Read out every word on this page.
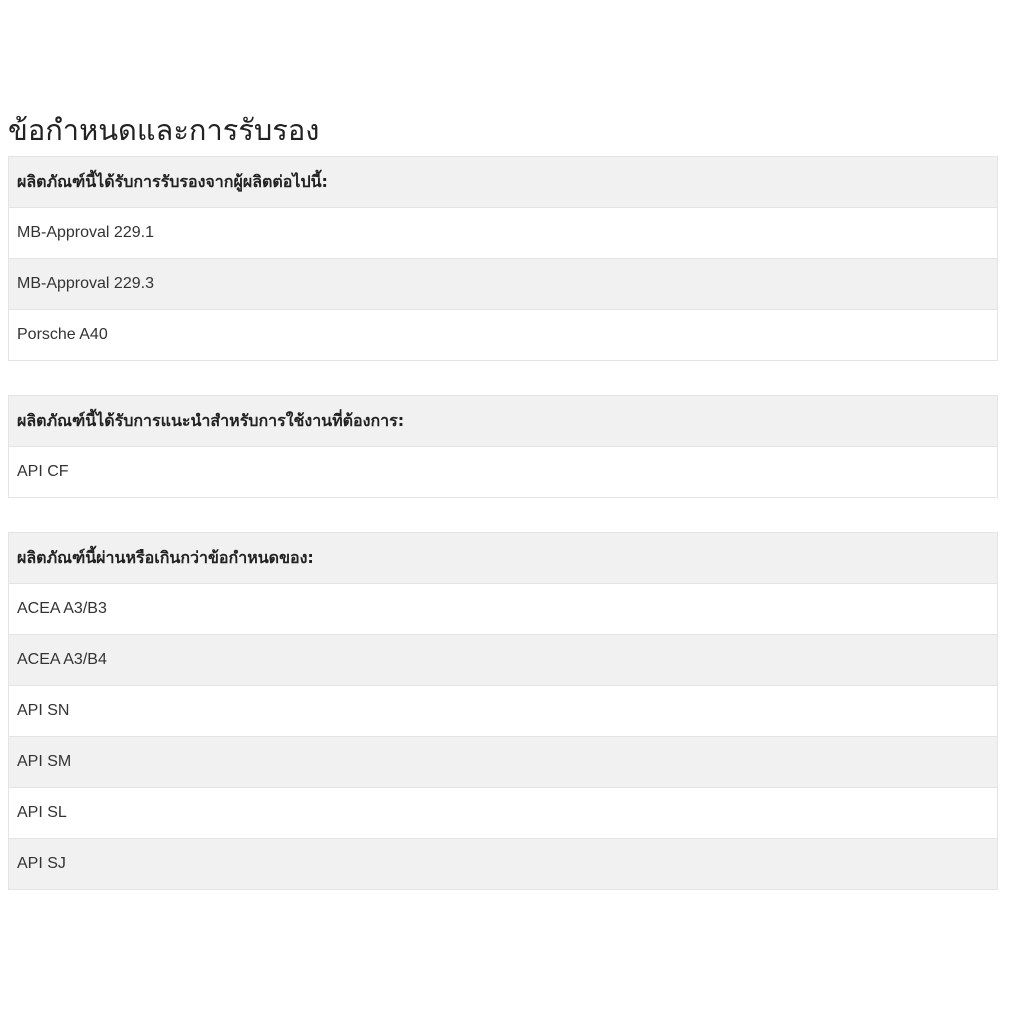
ข้อกำหนดและการรับรอง
ผลิตภัณฑ์นี้ได้รับการรับรองจากผู้ผลิตต่อไปนี้:
MB-Approval 229.1
MB-Approval 229.3
Porsche A40
ผลิตภัณฑ์นี้ได้รับการแนะนำสำหรับการใช้งานที่ต้องการ:
API CF
ผลิตภัณฑ์นี้ผ่านหรือเกินกว่าข้อกำหนดของ:
ACEA A3/B3
ACEA A3/B4
API SN
API SM
API SL
API SJ
